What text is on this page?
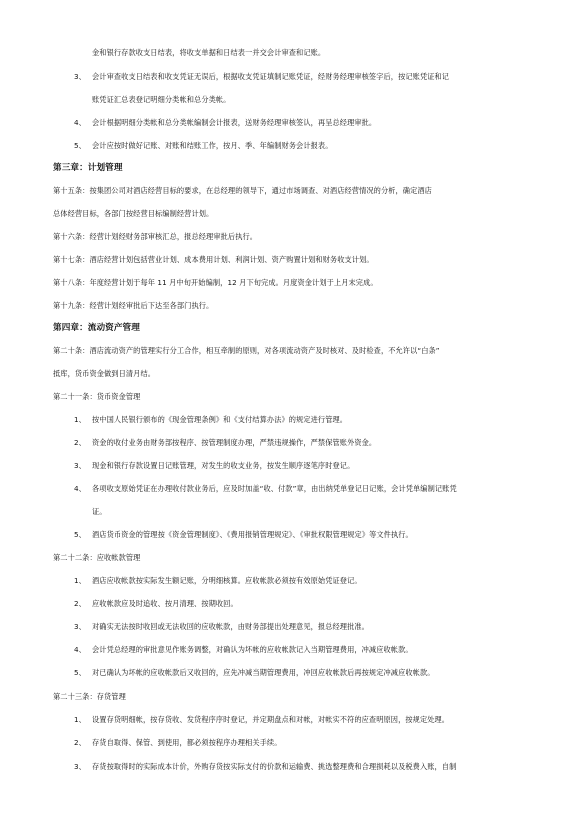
金和银行存款收支日结表，将收支单据和日结表一并交会计审查和记账。
3、 会计审查收支日结表和收支凭证无误后，根据收支凭证填制记账凭证，经财务经理审核签字后，按记账凭证和记
账凭证汇总表登记明细分类帐和总分类帐。
4、 会计根据明细分类帐和总分类帐编制会计报表，送财务经理审核签认，再呈总经理审批。
5、 会计应按时做好记账、对账和结账工作，按月、季、年编制财务会计报表。
第三章：计划管理
第十五条：按集团公司对酒店经营目标的要求，在总经理的领导下，通过市场调查、对酒店经营情况的分析，确定酒店
总体经营目标，各部门按经营目标编制经营计划。
第十六条：经营计划经财务部审核汇总，报总经理审批后执行。
第十七条：酒店经营计划包括营业计划、成本费用计划、利润计划、资产购置计划和财务收支计划。
第十八条：年度经营计划于每年 11 月中旬开始编制，12 月下旬完成。月度资金计划于上月末完成。
第十九条：经营计划经审批后下达至各部门执行。
第四章：流动资产管理
第二十条：酒店流动资产的管理实行分工合作，相互牵制的原则，对各项流动资产及时核对、及时检查，不允许以“白条”
抵库，货币资金做到日清月结。
第二十一条：货币资金管理
1、 按中国人民银行颁布的《现金管理条例》和《支付结算办法》的规定进行管理。
2、 资金的收付业务由财务部按程序、按管理制度办理，严禁违规操作，严禁保管账外资金。
3、 现金和银行存款设置日记账管理，对发生的收支业务，按发生顺序逐笔序时登记。
4、 各项收支原始凭证在办理收付款业务后，应及时加盖“收、付款”章，由出纳凭单登记日记账，会计凭单编制记账凭
证。
5、 酒店货币资金的管理按《资金管理制度》、《费用报销管理规定》、《审批权限管理规定》等文件执行。
第二十二条：应收帐款管理
1、 酒店应收帐款按实际发生额记账，分明细核算。应收帐款必须按有效原始凭证登记。
2、 应收帐款应及时追收、按月清理、按期收回。
3、 对确实无法按时收回或无法收回的应收帐款，由财务部提出处理意见，报总经理批准。
4、 会计凭总经理的审批意见作账务调整，对确认为坏帐的应收帐款记入当期管理费用，冲减应收帐款。
5、 对已确认为坏帐的应收帐款后又收回的，应先冲减当期管理费用，冲回应收帐款后再按规定冲减应收帐款。
第二十三条：存货管理
1、 设置存货明细帐，按存货收、发货程序序时登记，并定期盘点和对帐，对帐实不符的应查明原因，按规定处理。
2、 存货自取得、保管、到使用，都必须按程序办理相关手续。
3、 存货按取得时的实际成本计价，外购存货按实际支付的价款和运输费、挑选整理费和合理损耗以及税费入账，自制
